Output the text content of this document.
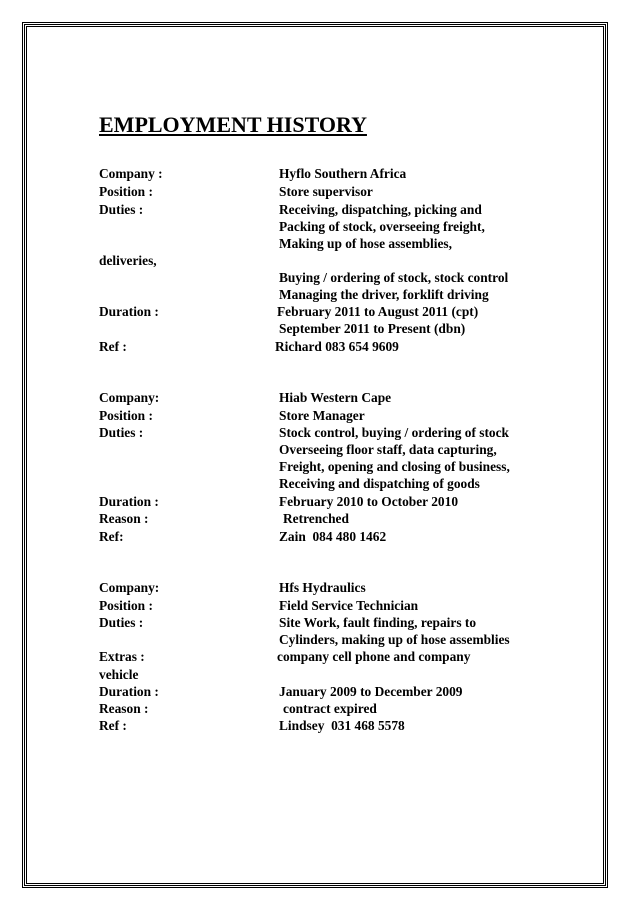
EMPLOYMENT HISTORY
Company :	Hyflo Southern Africa
Position :	Store supervisor
Duties :	Receiving, dispatching, picking and
Packing of stock, overseeing freight,
Making up of hose assemblies,
deliveries,
Buying / ordering of stock, stock control
Managing the driver, forklift driving
Duration :	February 2011 to August 2011 (cpt)
September 2011 to Present (dbn)
Ref :	Richard 083 654 9609
Company:	Hiab Western Cape
Position :	Store Manager
Duties :	Stock control, buying / ordering of stock
Overseeing floor staff, data capturing,
Freight, opening and closing of business,
Receiving and dispatching of goods
Duration :	February 2010 to October 2010
Reason :	Retrenched
Ref:	Zain  084 480 1462
Company:	Hfs Hydraulics
Position :	Field Service Technician
Duties :	Site Work, fault finding, repairs to
Cylinders, making up of hose assemblies
Extras :	company cell phone and company
vehicle
Duration :	January 2009 to December 2009
Reason :	contract expired
Ref :	Lindsey  031 468 5578
